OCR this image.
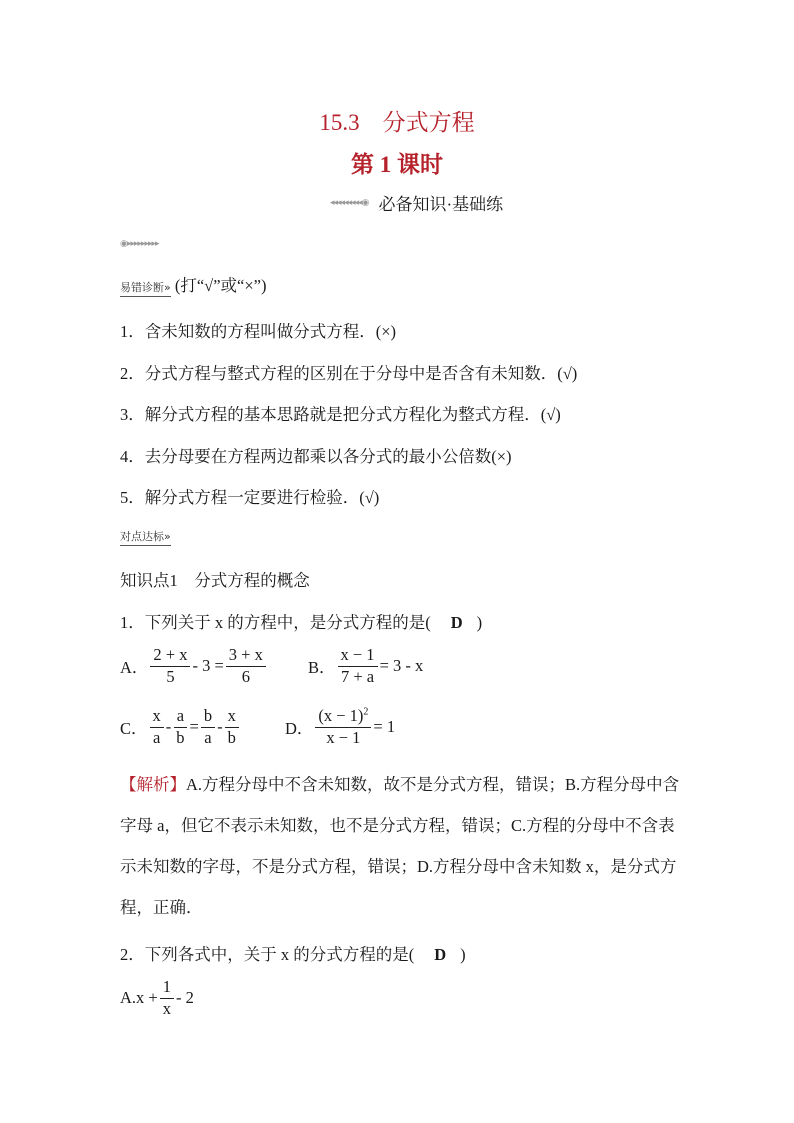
15.3　分式方程
第 1 课时
◂◂◂◂◂◂◂◂◂◉ 必备知识·基础练
◉▸▸▸▸▸▸▸▸▸
易错诊断» (打“√”或“×”)
1．含未知数的方程叫做分式方程．(×)
2．分式方程与整式方程的区别在于分母中是否含有未知数．(√)
3．解分式方程的基本思路就是把分式方程化为整式方程．(√)
4．去分母要在方程两边都乘以各分式的最小公倍数(×)
5．解分式方程一定要进行检验．(√)
对点达标»
知识点1　分式方程的概念
1．下列关于 x 的方程中，是分式方程的是( D )
A． $\frac{2 + x}{5} - 3 = \frac{3 + x}{6}$
	B． $\frac{x - 1}{7 + a} = 3 - x$
C． $\frac{x}{a} - \frac{a}{b} = \frac{b}{a} - \frac{x}{b}$
	D． $\frac{(x - 1)^2}{x - 1} = 1$
【解析】A.方程分母中不含未知数，故不是分式方程，错误；B.方程分母中含字母 a，但它不表示未知数，也不是分式方程，错误；C.方程的分母中不含表示未知数的字母，不是分式方程，错误；D.方程分母中含未知数 x，是分式方程，正确．
2．下列各式中，关于 x 的分式方程的是( D )
$A.x + \frac{1}{x} - 2$
